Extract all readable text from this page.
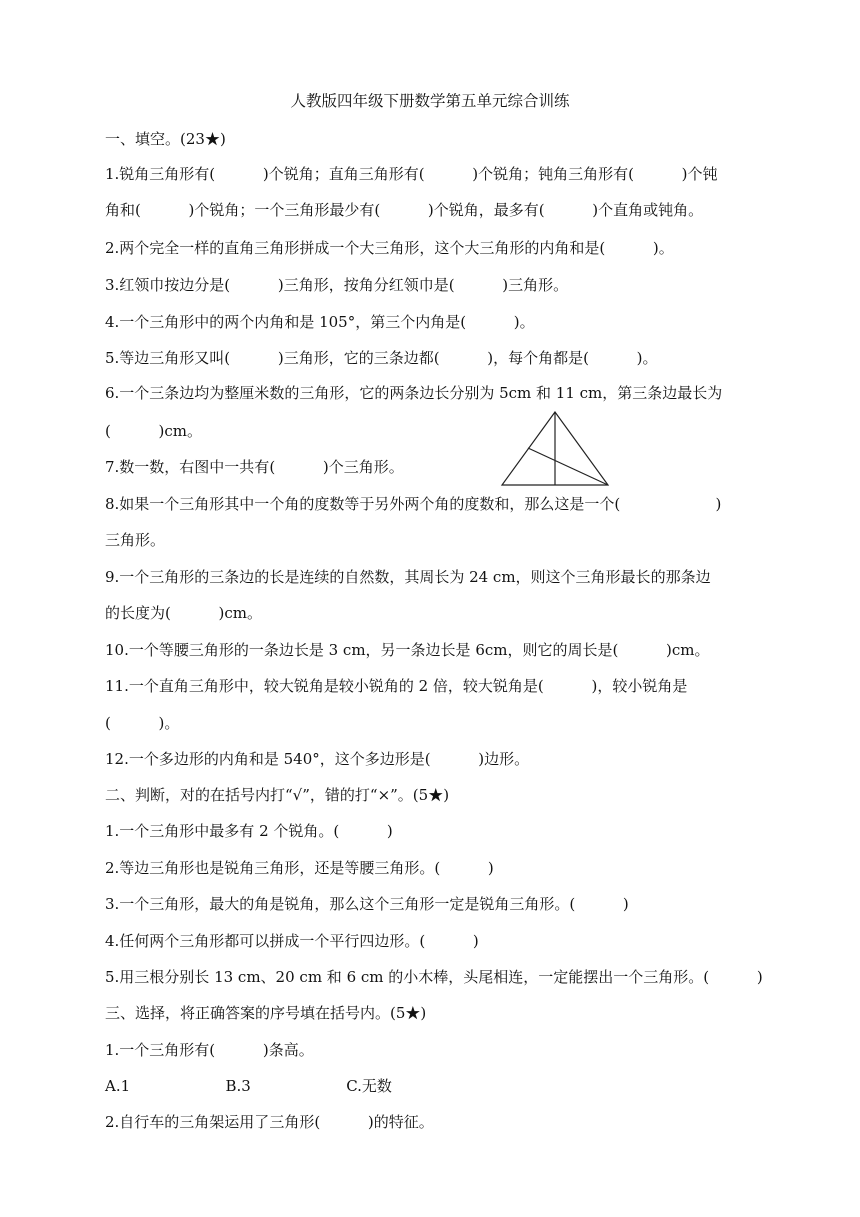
人教版四年级下册数学第五单元综合训练
一、填空。(23★)
1.锐角三角形有(          )个锐角；直角三角形有(          )个锐角；钝角三角形有(          )个钝
角和(          )个锐角；一个三角形最少有(          )个锐角，最多有(          )个直角或钝角。
2.两个完全一样的直角三角形拼成一个大三角形，这个大三角形的内角和是(          )。
3.红领巾按边分是(          )三角形，按角分红领巾是(          )三角形。
4.一个三角形中的两个内角和是 105°，第三个内角是(          )。
5.等边三角形又叫(          )三角形，它的三条边都(          )，每个角都是(          )。
6.一个三条边均为整厘米数的三角形，它的两条边长分别为 5cm 和 11 cm，第三条边最长为
(          )cm。
7.数一数，右图中一共有(          )个三角形。
8.如果一个三角形其中一个角的度数等于另外两个角的度数和，那么这是一个(                    )
三角形。
9.一个三角形的三条边的长是连续的自然数，其周长为 24 cm，则这个三角形最长的那条边
的长度为(          )cm。
10.一个等腰三角形的一条边长是 3 cm，另一条边长是 6cm，则它的周长是(          )cm。
11.一个直角三角形中，较大锐角是较小锐角的 2 倍，较大锐角是(          )，较小锐角是
(          )。
12.一个多边形的内角和是 540°，这个多边形是(          )边形。
二、判断，对的在括号内打“√”，错的打“×”。(5★)
1.一个三角形中最多有 2 个锐角。(          )
2.等边三角形也是锐角三角形，还是等腰三角形。(          )
3.一个三角形，最大的角是锐角，那么这个三角形一定是锐角三角形。(          )
4.任何两个三角形都可以拼成一个平行四边形。(          )
5.用三根分别长 13 cm、20 cm 和 6 cm 的小木棒，头尾相连，一定能摆出一个三角形。(          )
三、选择，将正确答案的序号填在括号内。(5★)
1.一个三角形有(          )条高。
A.1                    B.3                    C.无数
2.自行车的三角架运用了三角形(          )的特征。
